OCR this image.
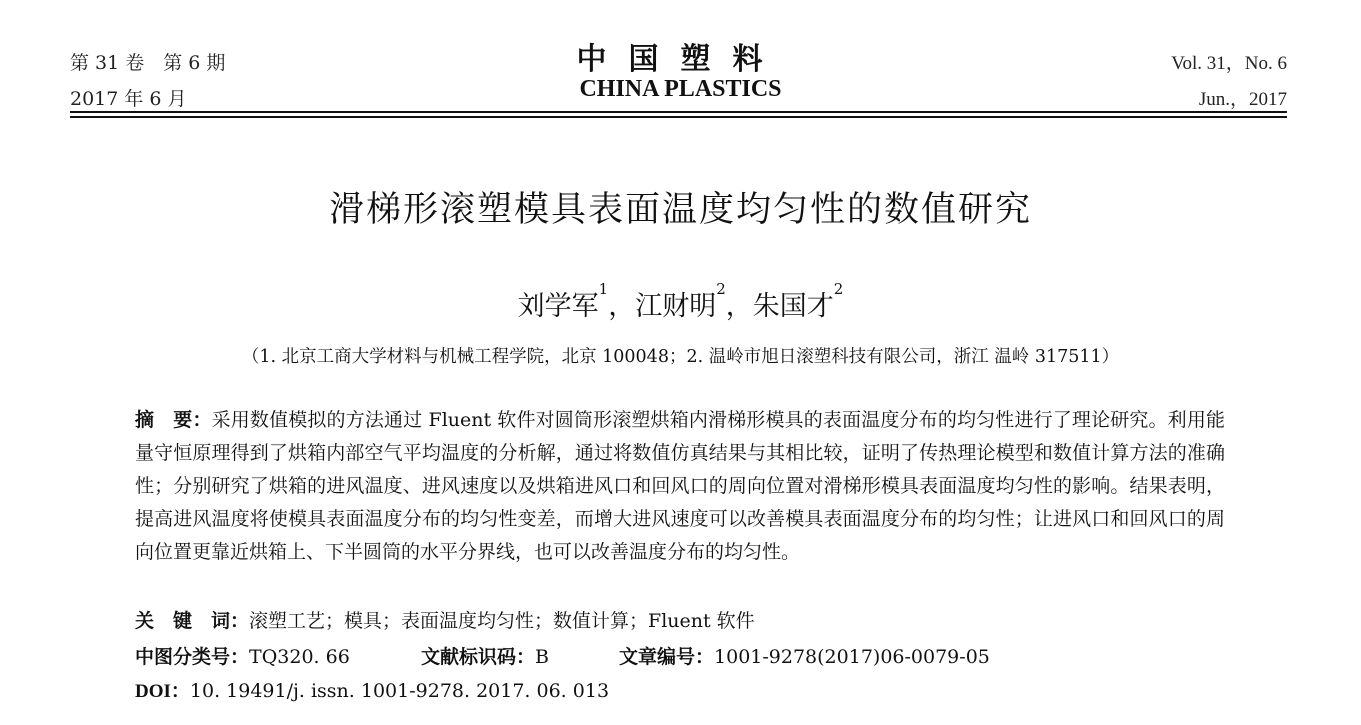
第 31 卷　第 6 期
2017 年 6 月
中国塑料
CHINA PLASTICS
Vol. 31，No. 6
Jun.，2017
滑梯形滚塑模具表面温度均匀性的数值研究
刘学军$^1$，江财明$^2$，朱国才$^2$
（1. 北京工商大学材料与机械工程学院，北京 100048；2. 温岭市旭日滚塑科技有限公司，浙江 温岭 317511）
摘　要：采用数值模拟的方法通过 Fluent 软件对圆筒形滚塑烘箱内滑梯形模具的表面温度分布的均匀性进行了理论研究。利用能量守恒原理得到了烘箱内部空气平均温度的分析解，通过将数值仿真结果与其相比较，证明了传热理论模型和数值计算方法的准确性；分别研究了烘箱的进风温度、进风速度以及烘箱进风口和回风口的周向位置对滑梯形模具表面温度均匀性的影响。结果表明，提高进风温度将使模具表面温度分布的均匀性变差，而增大进风速度可以改善模具表面温度分布的均匀性；让进风口和回风口的周向位置更靠近烘箱上、下半圆筒的水平分界线，也可以改善温度分布的均匀性。
关　键　词：滚塑工艺；模具；表面温度均匀性；数值计算；Fluent 软件
中图分类号：TQ320. 66	文献标识码：B	文章编号：1001-9278(2017)06-0079-05
DOI：10. 19491/j. issn. 1001-9278. 2017. 06. 013
